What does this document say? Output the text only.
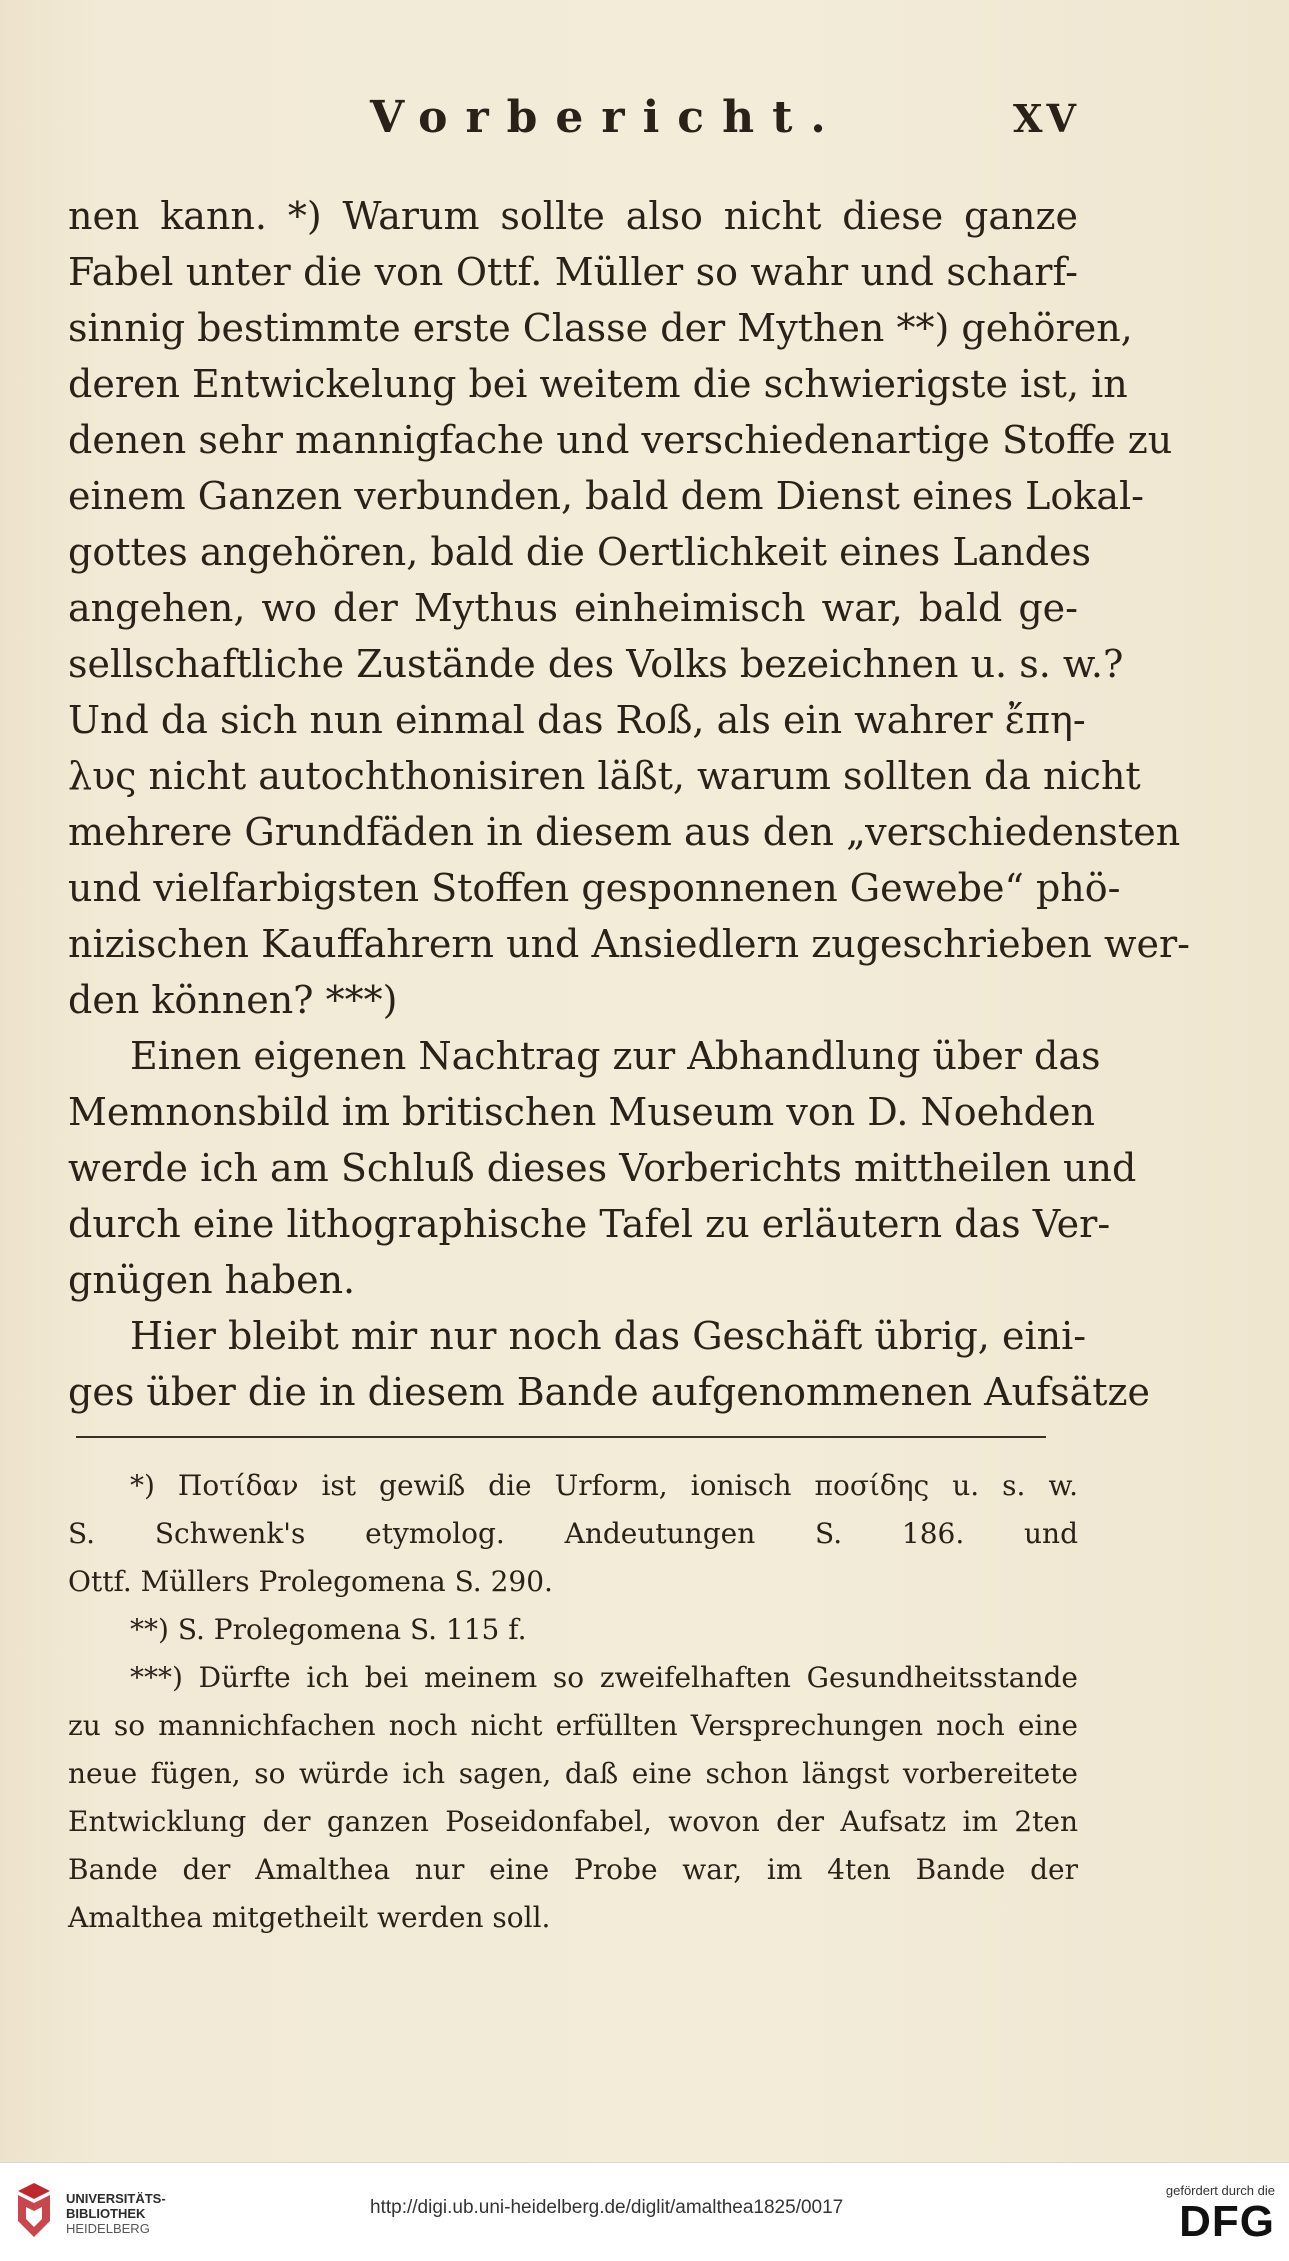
Vorbericht.	XV
nen kann. *) Warum sollte also nicht diese ganze
Fabel unter die von Ottf. Müller so wahr und scharf-
sinnig bestimmte erste Classe der Mythen **) gehören,
deren Entwickelung bei weitem die schwierigste ist, in
denen sehr mannigfache und verschiedenartige Stoffe zu
einem Ganzen verbunden, bald dem Dienst eines Lokal-
gottes angehören, bald die Oertlichkeit eines Landes
angehen, wo der Mythus einheimisch war, bald ge-
sellschaftliche Zustände des Volks bezeichnen u. s. w.?
Und da sich nun einmal das Roß, als ein wahrer ἔπη-
λυς nicht autochthonisiren läßt, warum sollten da nicht
mehrere Grundfäden in diesem aus den „verschiedensten
und vielfarbigsten Stoffen gesponnenen Gewebe“ phö-
nizischen Kauffahrern und Ansiedlern zugeschrieben wer-
den können? ***)
Einen eigenen Nachtrag zur Abhandlung über das
Memnonsbild im britischen Museum von D. Noehden
werde ich am Schluß dieses Vorberichts mittheilen und
durch eine lithographische Tafel zu erläutern das Ver-
gnügen haben.
Hier bleibt mir nur noch das Geschäft übrig, eini-
ges über die in diesem Bande aufgenommenen Aufsätze
*) Ποτίδαν ist gewiß die Urform, ionisch ποσίδης u. s. w.
S. Schwenk's etymolog. Andeutungen S. 186. und
Ottf. Müllers Prolegomena S. 290.
**) S. Prolegomena S. 115 f.
***) Dürfte ich bei meinem so zweifelhaften Gesundheitsstande
zu so mannichfachen noch nicht erfüllten Versprechungen noch eine
neue fügen, so würde ich sagen, daß eine schon längst vorbereitete
Entwicklung der ganzen Poseidonfabel, wovon der Aufsatz im 2ten
Bande der Amalthea nur eine Probe war, im 4ten Bande der
Amalthea mitgetheilt werden soll.
UNIVERSITÄTS-
BIBLIOTHEK
HEIDELBERG
http://digi.ub.uni-heidelberg.de/diglit/amalthea1825/0017
gefördert durch die
DFG
